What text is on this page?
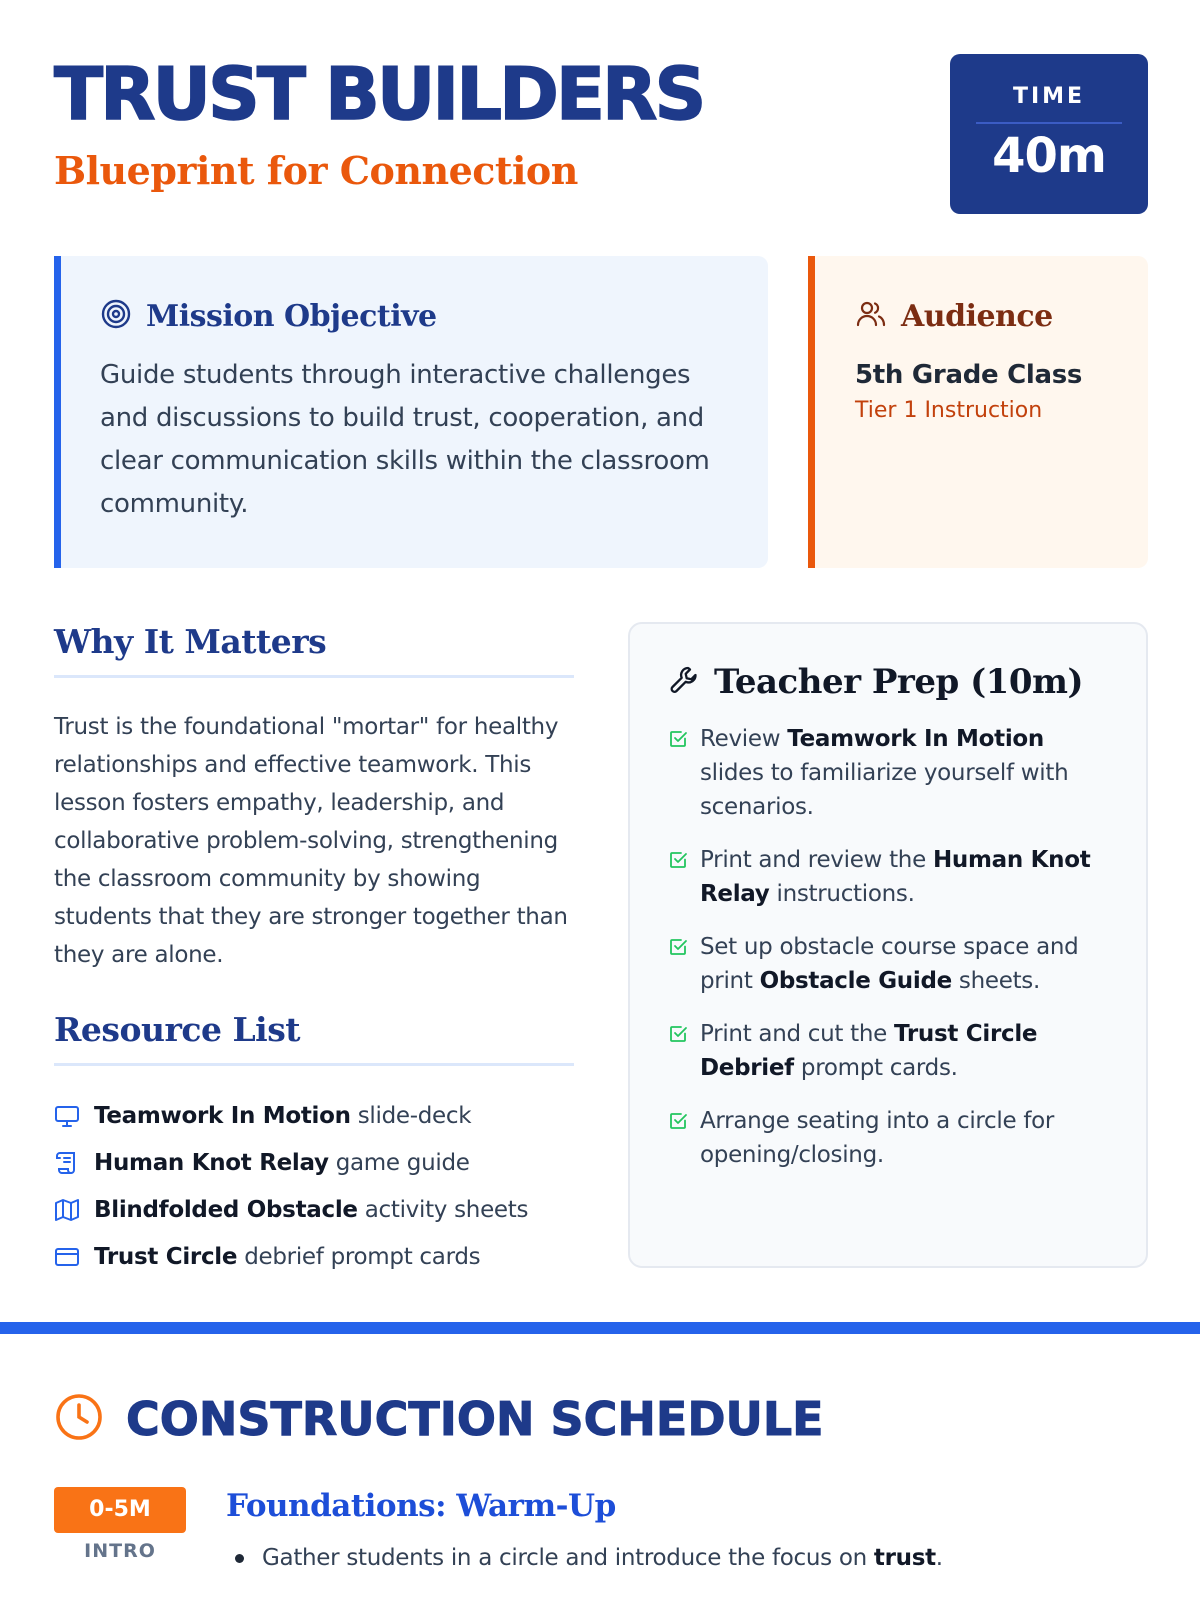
TRUST BUILDERS
Blueprint for Connection
TIME
40m
Mission Objective

Guide students through interactive challenges and discussions to build trust, cooperation, and clear communication skills within the classroom community.

Audience
5th Grade Class
Tier 1 Instruction
Why It Matters

Trust is the foundational "mortar" for healthy relationships and effective teamwork. This lesson fosters empathy, leadership, and collaborative problem-solving, strengthening the classroom community by showing students that they are stronger together than they are alone.

Resource List
Teamwork In Motion slide-deck
Human Knot Relay game guide
Blindfolded Obstacle activity sheets
Trust Circle debrief prompt cards
Teacher Prep (10m)
Review Teamwork In Motion slides to familiarize yourself with scenarios.
Print and review the Human Knot Relay instructions.
Set up obstacle course space and print Obstacle Guide sheets.
Print and cut the Trust Circle Debrief prompt cards.
Arrange seating into a circle for opening/closing.
CONSTRUCTION SCHEDULE
0-5M
INTRO
Foundations: Warm-Up
Gather students in a circle and introduce the focus on trust.
